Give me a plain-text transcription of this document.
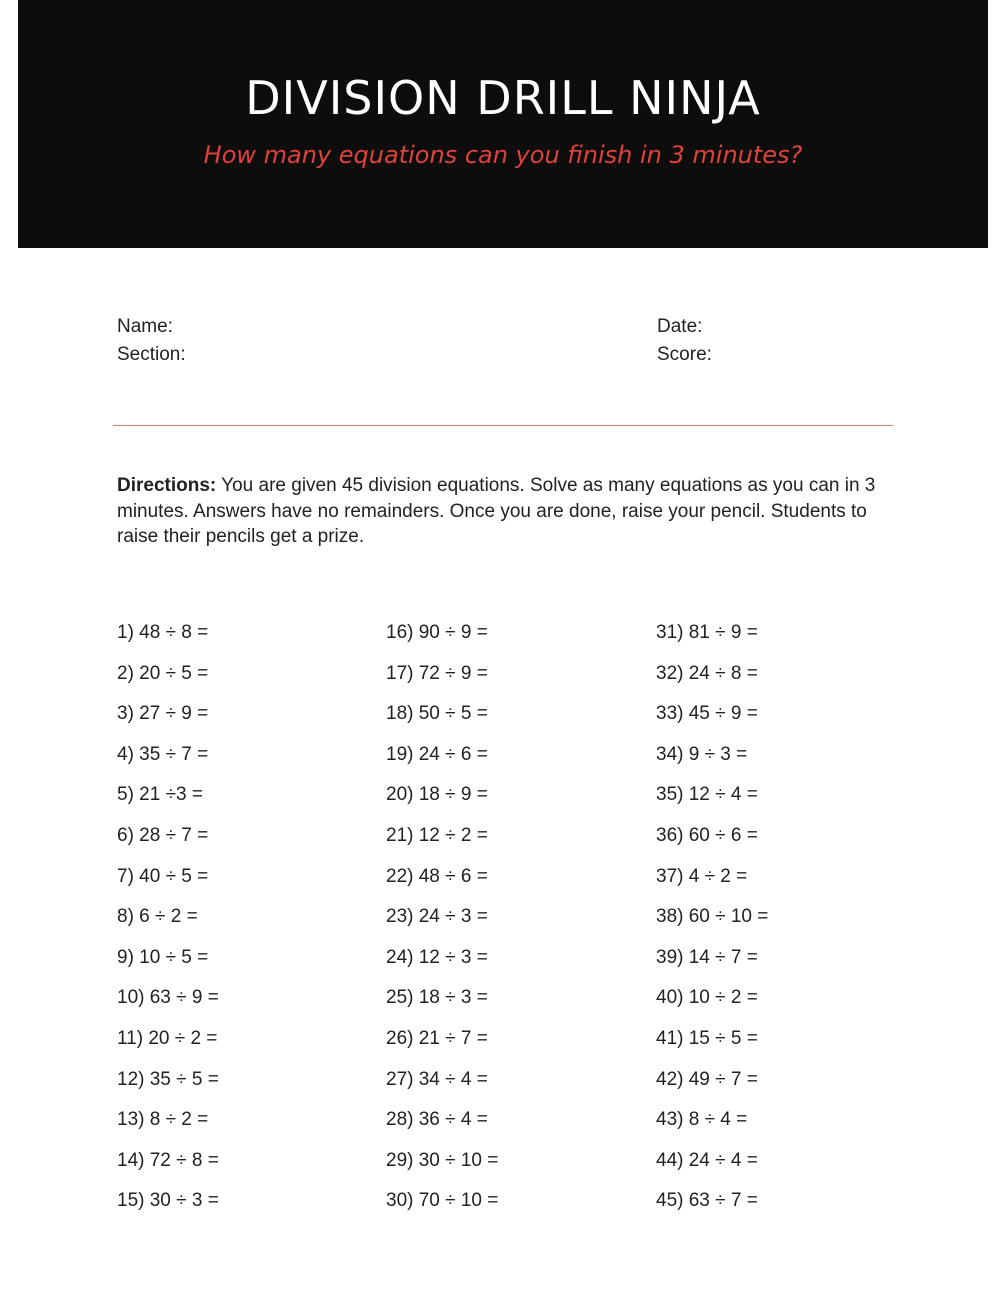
DIVISION DRILL NINJA
How many equations can you finish in 3 minutes?
Name:
Section:
Date:
Score:
Directions: You are given 45 division equations. Solve as many equations as you can in 3 minutes. Answers have no remainders. Once you are done, raise your pencil. Students to raise their pencils get a prize.
1) 48 ÷ 8 =
2) 20 ÷ 5 =
3) 27 ÷ 9 =
4) 35 ÷ 7 =
5) 21 ÷3 =
6) 28 ÷ 7 =
7) 40 ÷ 5 =
8) 6 ÷ 2 =
9) 10 ÷ 5 =
10) 63 ÷ 9 =
11) 20 ÷ 2 =
12) 35 ÷ 5 =
13) 8 ÷ 2 =
14) 72 ÷ 8 =
15) 30 ÷ 3 =
16) 90 ÷ 9 =
17) 72 ÷ 9 =
18) 50 ÷ 5 =
19) 24 ÷ 6 =
20) 18 ÷ 9 =
21) 12 ÷ 2 =
22) 48 ÷ 6 =
23) 24 ÷ 3 =
24) 12 ÷ 3 =
25) 18 ÷ 3 =
26) 21 ÷ 7 =
27) 34 ÷ 4 =
28) 36 ÷ 4 =
29) 30 ÷ 10 =
30) 70 ÷ 10 =
31) 81 ÷ 9 =
32) 24 ÷ 8 =
33) 45 ÷ 9 =
34) 9 ÷ 3 =
35) 12 ÷ 4 =
36) 60 ÷ 6 =
37) 4 ÷ 2 =
38) 60 ÷ 10 =
39) 14 ÷ 7 =
40) 10 ÷ 2 =
41) 15 ÷ 5 =
42) 49 ÷ 7 =
43) 8 ÷ 4 =
44) 24 ÷ 4 =
45) 63 ÷ 7 =
